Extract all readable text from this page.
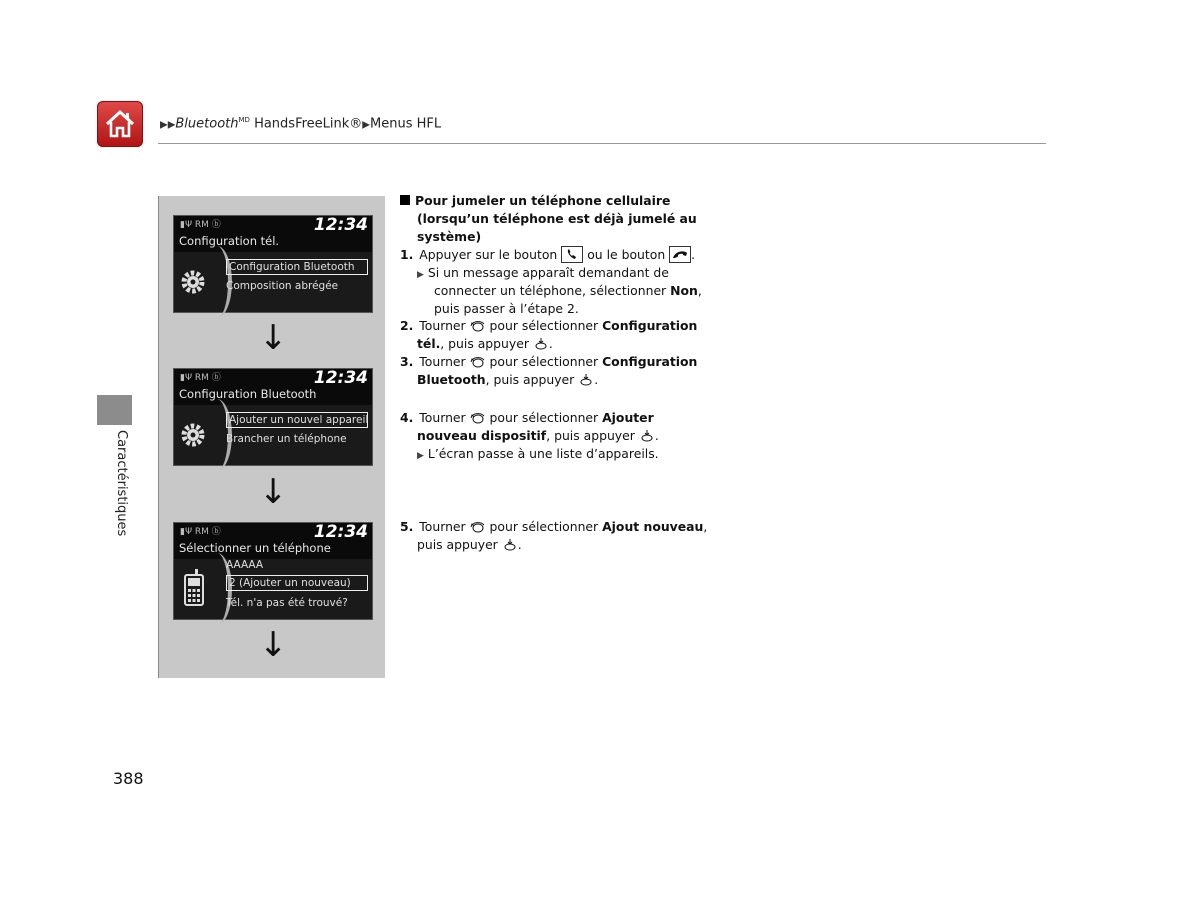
▶▶Bluetooth$^{MD}$ HandsFreeLink®▶Menus HFL
Caractéristiques
388
▮Ψ RM ⓑ	12:34
Configuration tél.
Configuration Bluetooth
Composition abrégée
↓
▮Ψ RM ⓑ	12:34
Configuration Bluetooth
Ajouter un nouvel appareil
Brancher un téléphone
↓
▮Ψ RM ⓑ	12:34
Sélectionner un téléphone
AAAAA
2 (Ajouter un nouveau)
Tél. n'a pas été trouvé?
↓
Pour jumeler un téléphone cellulaire
(lorsqu’un téléphone est déjà jumelé au
système)
1. Appuyer sur le bouton ou le bouton .
▶ Si un message apparaît demandant de
connecter un téléphone, sélectionner Non,
puis passer à l’étape 2.
2. Tourner pour sélectionner Configuration
tél., puis appuyer .
3. Tourner pour sélectionner Configuration
Bluetooth, puis appuyer .
4. Tourner pour sélectionner Ajouter
nouveau dispositif, puis appuyer .
▶ L’écran passe à une liste d’appareils.
5. Tourner pour sélectionner Ajout nouveau,
puis appuyer .
